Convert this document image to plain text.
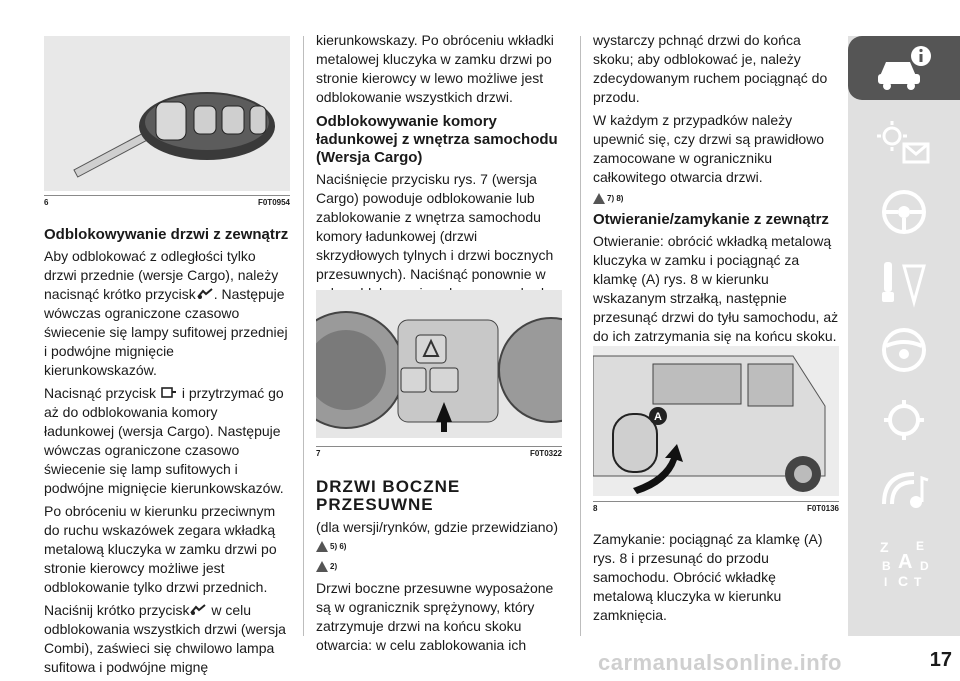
6	F0T0954
Odblokowywanie drzwi z zewnątrz

Aby odblokować z odległości tylko drzwi przednie (wersje Cargo), należy nacisnąć krótko przycisk . Następuje wówczas ograniczone czasowo świecenie się lampy sufitowej przedniej i podwójne mignięcie kierunkowskazów.

Nacisnąć przycisk i przytrzymać go aż do odblokowania komory ładunkowej (wersja Cargo). Następuje wówczas ograniczone czasowo świecenie się lamp sufitowych i podwójne mignięcie kierunkowskazów.

Po obróceniu w kierunku przeciwnym do ruchu wskazówek zegara wkładką metalową kluczyka w zamku drzwi po stronie kierowcy możliwe jest odblokowanie tylko drzwi przednich.

Naciśnij krótko przycisk w celu odblokowania wszystkich drzwi (wersja Combi), zaświeci się chwilowo lampa sufitowa i podwójne mignę

kierunkowskazy. Po obróceniu wkładki metalowej kluczyka w zamku drzwi po stronie kierowcy w lewo możliwe jest odblokowanie wszystkich drzwi.

Odblokowywanie komory ładunkowej z wnętrza samochodu (Wersja Cargo)

Naciśnięcie przycisku rys. 7 (wersja Cargo) powoduje odblokowanie lub zablokowanie z wnętrza samochodu komory ładunkowej (drzwi skrzydłowych tylnych i drzwi bocznych przesuwnych). Naciśnąć ponownie w

7	F0T0322
DRZWI BOCZNE PRZESUWNE

(dla wersji/rynków, gdzie przewidziano)

5) 6)
2)

Drzwi boczne przesuwne wyposażone są w ogranicznik sprężynowy, który zatrzymuje drzwi na końcu skoku otwarcia: w celu zablokowania ich

wystarczy pchnąć drzwi do końca skoku; aby odblokować je, należy zdecydowanym ruchem pociągnąć do przodu.

W każdym z przypadków należy upewnić się, czy drzwi są prawidłowo zamocowane w ograniczniku całkowitego otwarcia drzwi.

7) 8)
Otwieranie/zamykanie z zewnątrz

Otwieranie: obrócić wkładką metalową kluczyka w zamku i pociągnąć za klamkę (A) rys. 8 w kierunku wskazanym strzałką, następnie przesunąć drzwi do tyłu samochodu, aż do ich zatrzymania się na końcu skoku.

A
8	F0T0136

Zamykanie: pociągnąć za klamkę (A) rys. 8 i przesunąć do przodu samochodu. Obrócić wkładkę metalową kluczyka w kierunku zamknięcia.

Z E
B A D
I C T
carmanualsonline.info	17
